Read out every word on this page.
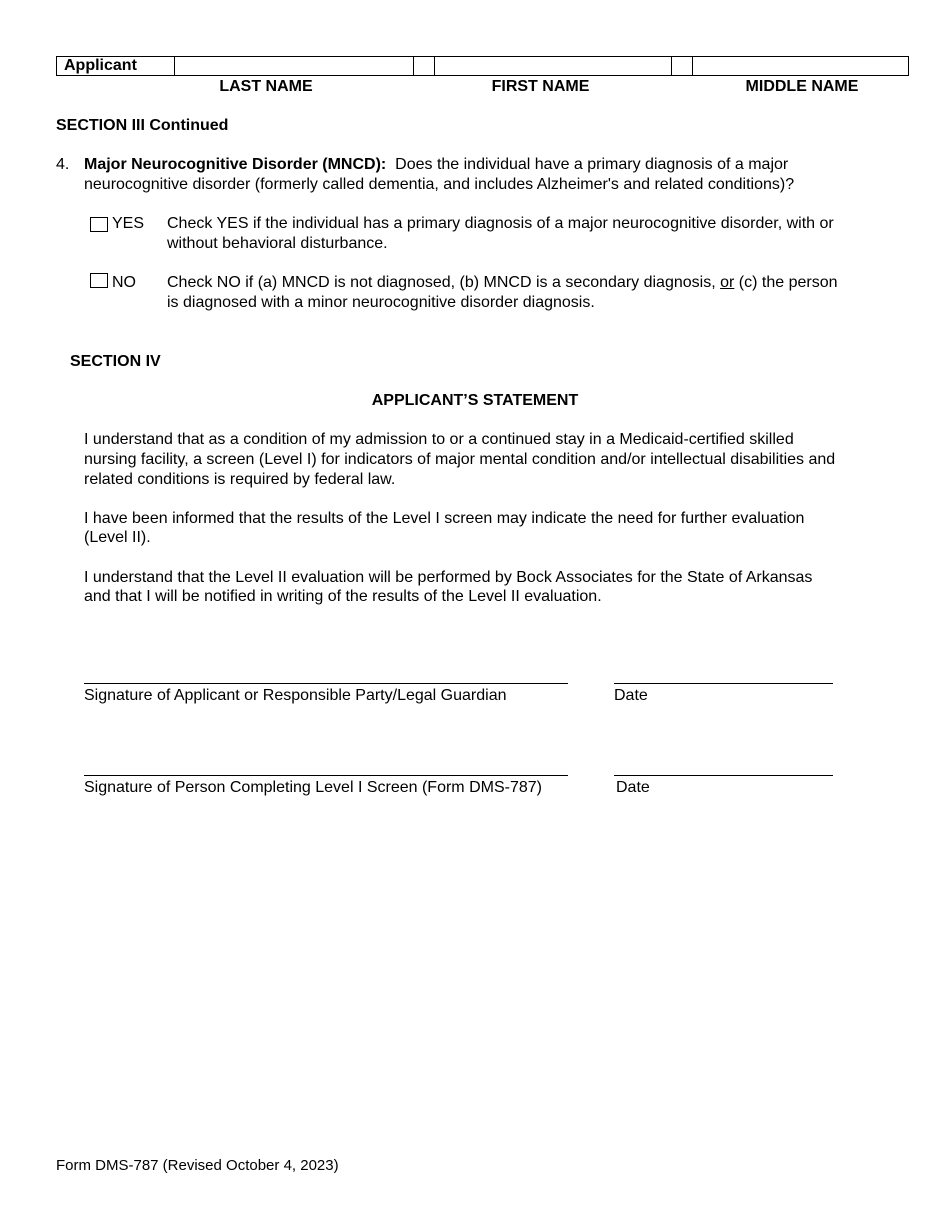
Applicant
LAST NAME	FIRST NAME	MIDDLE NAME
SECTION III Continued
4. Major Neurocognitive Disorder (MNCD): Does the individual have a primary diagnosis of a major
neurocognitive disorder (formerly called dementia, and includes Alzheimer's and related conditions)?
YES Check YES if the individual has a primary diagnosis of a major neurocognitive disorder, with or
without behavioral disturbance.
NO Check NO if (a) MNCD is not diagnosed, (b) MNCD is a secondary diagnosis, or (c) the person
is diagnosed with a minor neurocognitive disorder diagnosis.
SECTION IV
APPLICANT’S STATEMENT
I understand that as a condition of my admission to or a continued stay in a Medicaid-certified skilled
nursing facility, a screen (Level I) for indicators of major mental condition and/or intellectual disabilities and
related conditions is required by federal law.
I have been informed that the results of the Level I screen may indicate the need for further evaluation
(Level II).
I understand that the Level II evaluation will be performed by Bock Associates for the State of Arkansas
and that I will be notified in writing of the results of the Level II evaluation.
Signature of Applicant or Responsible Party/Legal Guardian	Date
Signature of Person Completing Level I Screen (Form DMS-787)	Date
Form DMS-787 (Revised October 4, 2023)
